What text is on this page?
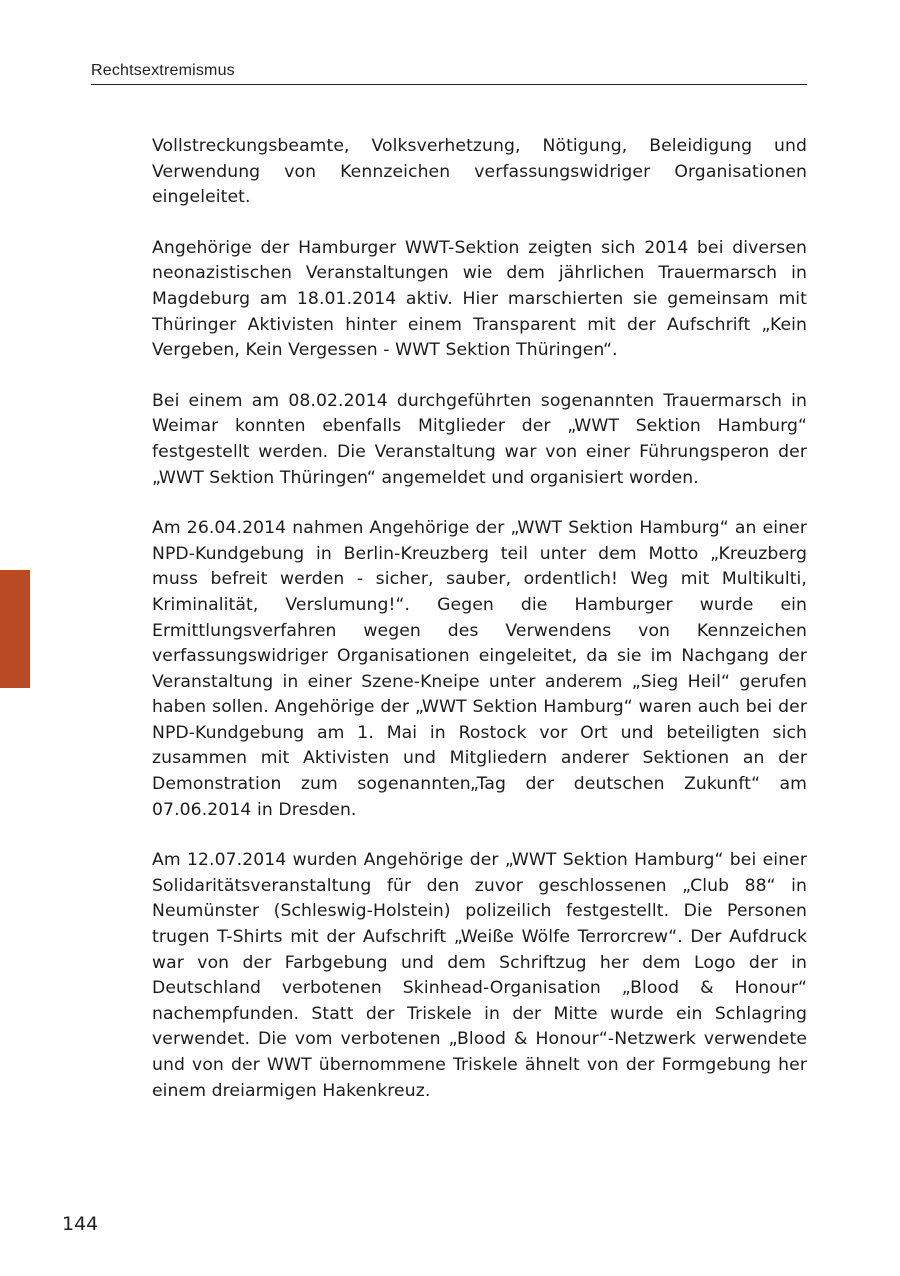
Rechtsextremismus

Vollstreckungsbeamte, Volksverhetzung, Nötigung, Beleidigung und Verwendung von Kennzeichen verfassungswidriger Organisationen eingeleitet.

Angehörige der Hamburger WWT-Sektion zeigten sich 2014 bei diversen neonazistischen Veranstaltungen wie dem jährlichen Trauermarsch in Magdeburg am 18.01.2014 aktiv. Hier marschierten sie gemeinsam mit Thüringer Aktivisten hinter einem Transparent mit der Aufschrift „Kein Vergeben, Kein Vergessen - WWT Sektion Thüringen“.

Bei einem am 08.02.2014 durchgeführten sogenannten Trauermarsch in Weimar konnten ebenfalls Mitglieder der „WWT Sektion Hamburg“ festgestellt werden. Die Veranstaltung war von einer Führungsperon der „WWT Sektion Thüringen“ angemeldet und organisiert worden.

Am 26.04.2014 nahmen Angehörige der „WWT Sektion Hamburg“ an einer NPD-Kundgebung in Berlin-Kreuzberg teil unter dem Motto „Kreuzberg muss befreit werden - sicher, sauber, ordentlich! Weg mit Multikulti, Kriminalität, Verslumung!“. Gegen die Hamburger wurde ein Ermittlungsverfahren wegen des Verwendens von Kennzeichen verfassungswidriger Organisationen eingeleitet, da sie im Nachgang der Veranstaltung in einer Szene-Kneipe unter anderem „Sieg Heil“ gerufen haben sollen. Angehörige der „WWT Sektion Hamburg“ waren auch bei der NPD-Kundgebung am 1. Mai in Rostock vor Ort und beteiligten sich zusammen mit Aktivisten und Mitgliedern anderer Sektionen an der Demonstration zum sogenannten„Tag der deutschen Zukunft“ am 07.06.2014 in Dresden.

Am 12.07.2014 wurden Angehörige der „WWT Sektion Hamburg“ bei einer Solidaritätsveranstaltung für den zuvor geschlossenen „Club 88“ in Neumünster (Schleswig-Holstein) polizeilich festgestellt. Die Personen trugen T-Shirts mit der Aufschrift „Weiße Wölfe Terrorcrew“. Der Aufdruck war von der Farbgebung und dem Schriftzug her dem Logo der in Deutschland verbotenen Skinhead-Organisation „Blood & Honour“ nachempfunden. Statt der Triskele in der Mitte wurde ein Schlagring verwendet. Die vom verbotenen „Blood & Honour“-Netzwerk verwendete und von der WWT übernommene Triskele ähnelt von der Formgebung her einem dreiarmigen Hakenkreuz.

144
